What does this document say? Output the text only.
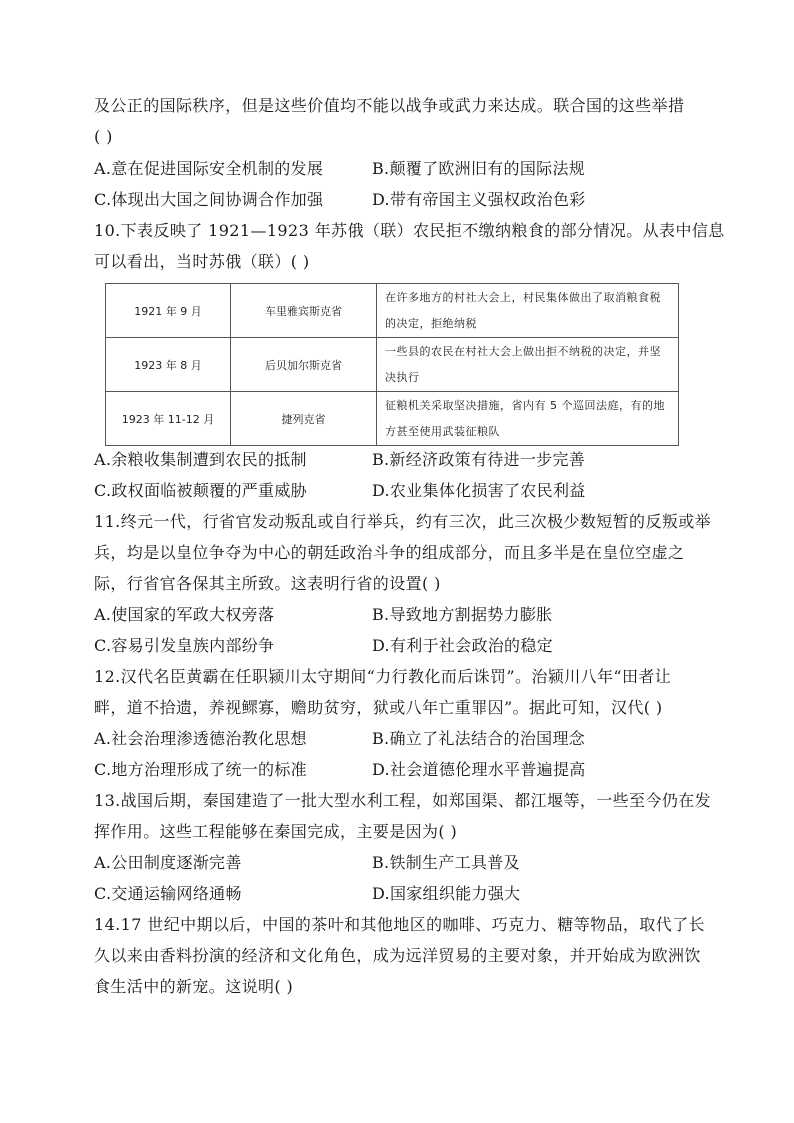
及公正的国际秩序，但是这些价值均不能以战争或武力来达成。联合国的这些举措
( )
A.意在促进国际安全机制的发展	B.颠覆了欧洲旧有的国际法规
C.体现出大国之间协调合作加强	D.带有帝国主义强权政治色彩
10.下表反映了 1921—1923 年苏俄（联）农民拒不缴纳粮食的部分情况。从表中信息
可以看出，当时苏俄（联）( )
1921 年 9 月	车里雅宾斯克省	在许多地方的村社大会上，村民集体做出了取消粮食税的决定，拒绝纳税
1923 年 8 月	后贝加尔斯克省	一些县的农民在村社大会上做出拒不纳税的决定，并坚决执行
1923 年 11-12 月	捷列克省	征粮机关采取坚决措施，省内有 5 个巡回法庭，有的地方甚至使用武装征粮队
A.余粮收集制遭到农民的抵制	B.新经济政策有待进一步完善
C.政权面临被颠覆的严重威胁	D.农业集体化损害了农民利益
11.终元一代，行省官发动叛乱或自行举兵，约有三次，此三次极少数短暂的反叛或举
兵，均是以皇位争夺为中心的朝廷政治斗争的组成部分，而且多半是在皇位空虚之
际，行省官各保其主所致。这表明行省的设置( )
A.使国家的军政大权旁落	B.导致地方割据势力膨胀
C.容易引发皇族内部纷争	D.有利于社会政治的稳定
12.汉代名臣黄霸在任职颍川太守期间“力行教化而后诛罚”。治颍川八年“田者让
畔，道不拾遗，养视鳏寡，赡助贫穷，狱或八年亡重罪囚”。据此可知，汉代( )
A.社会治理渗透德治教化思想	B.确立了礼法结合的治国理念
C.地方治理形成了统一的标准	D.社会道德伦理水平普遍提高
13.战国后期，秦国建造了一批大型水利工程，如郑国渠、都江堰等，一些至今仍在发
挥作用。这些工程能够在秦国完成，主要是因为( )
A.公田制度逐渐完善	B.铁制生产工具普及
C.交通运输网络通畅	D.国家组织能力强大
14.17 世纪中期以后，中国的茶叶和其他地区的咖啡、巧克力、糖等物品，取代了长
久以来由香料扮演的经济和文化角色，成为远洋贸易的主要对象，并开始成为欧洲饮
食生活中的新宠。这说明( )
